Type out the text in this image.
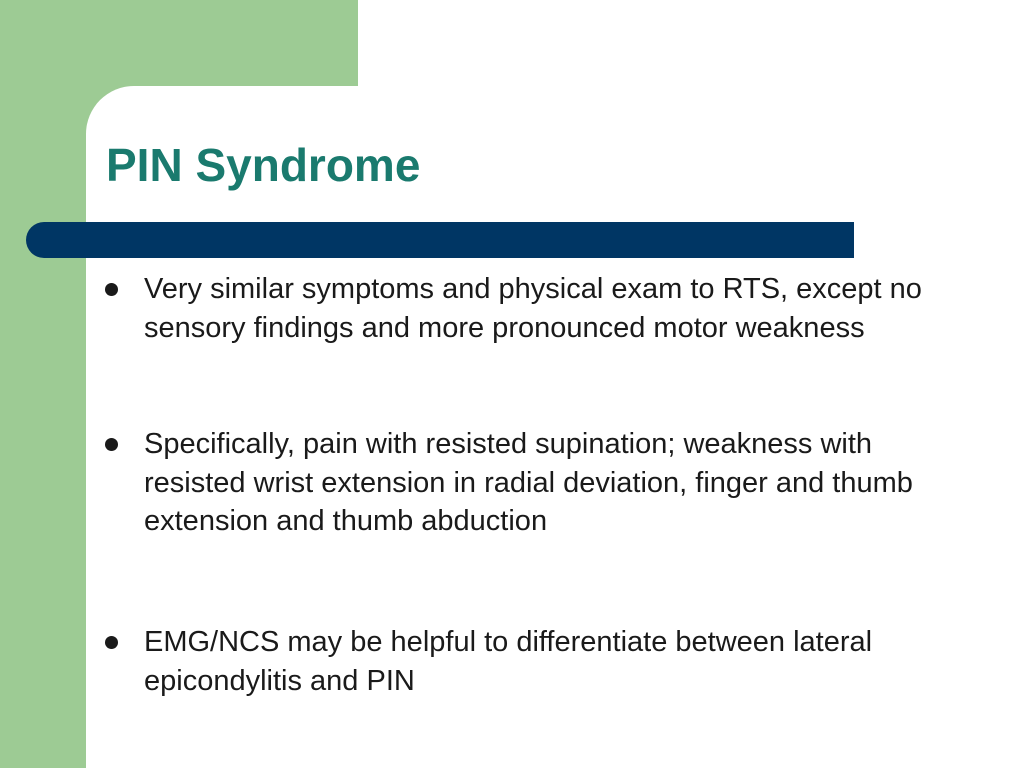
PIN Syndrome
Very similar symptoms and physical exam to RTS, except no sensory findings and more pronounced motor weakness
Specifically, pain with resisted supination; weakness with resisted wrist extension in radial deviation, finger and thumb extension and thumb abduction
EMG/NCS may be helpful to differentiate between lateral epicondylitis and PIN
